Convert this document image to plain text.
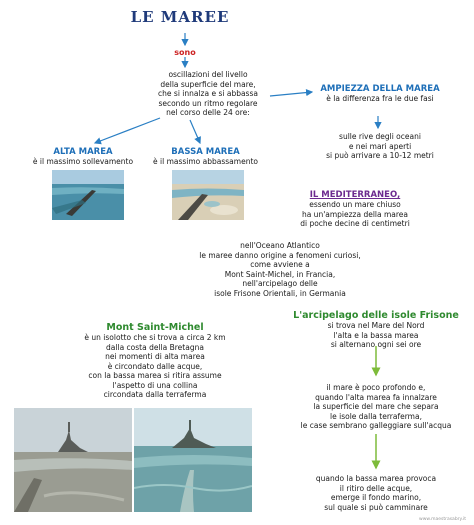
LE MAREE
sono
oscillazioni del livello
della superficie del mare,
che si innalza e si abbassa
secondo un ritmo regolare
nel corso delle 24 ore:
AMPIEZZA DELLA MAREA
è la differenza fra le due fasi
sulle rive degli oceani
e nei mari aperti
si può arrivare a 10-12 metri
ALTA MAREA
è il massimo sollevamento
BASSA MAREA
è il massimo abbassamento
IL MEDITERRANEO,
essendo un mare chiuso
ha un'ampiezza della marea
di poche decine di centimetri
nell'Oceano Atlantico
le maree danno origine a fenomeni curiosi,
come avviene a
Mont Saint-Michel, in Francia,
nell'arcipelago delle
isole Frisone Orientali, in Germania
Mont Saint-Michel
è un isolotto che si trova a circa 2 km
dalla costa della Bretagna
nei momenti di alta marea
è circondato dalle acque,
con la bassa marea si ritira assume
l'aspetto di una collina
circondata dalla terraferma
L'arcipelago delle isole Frisone
si trova nel Mare del Nord
l'alta e la bassa marea
si alternano ogni sei ore
il mare è poco profondo e,
quando l'alta marea fa innalzare
la superficie del mare che separa
le isole dalla terraferma,
le case sembrano galleggiare sull'acqua
quando la bassa marea provoca
il ritiro delle acque,
emerge il fondo marino,
sul quale si può camminare
www.maestrasabry.it
